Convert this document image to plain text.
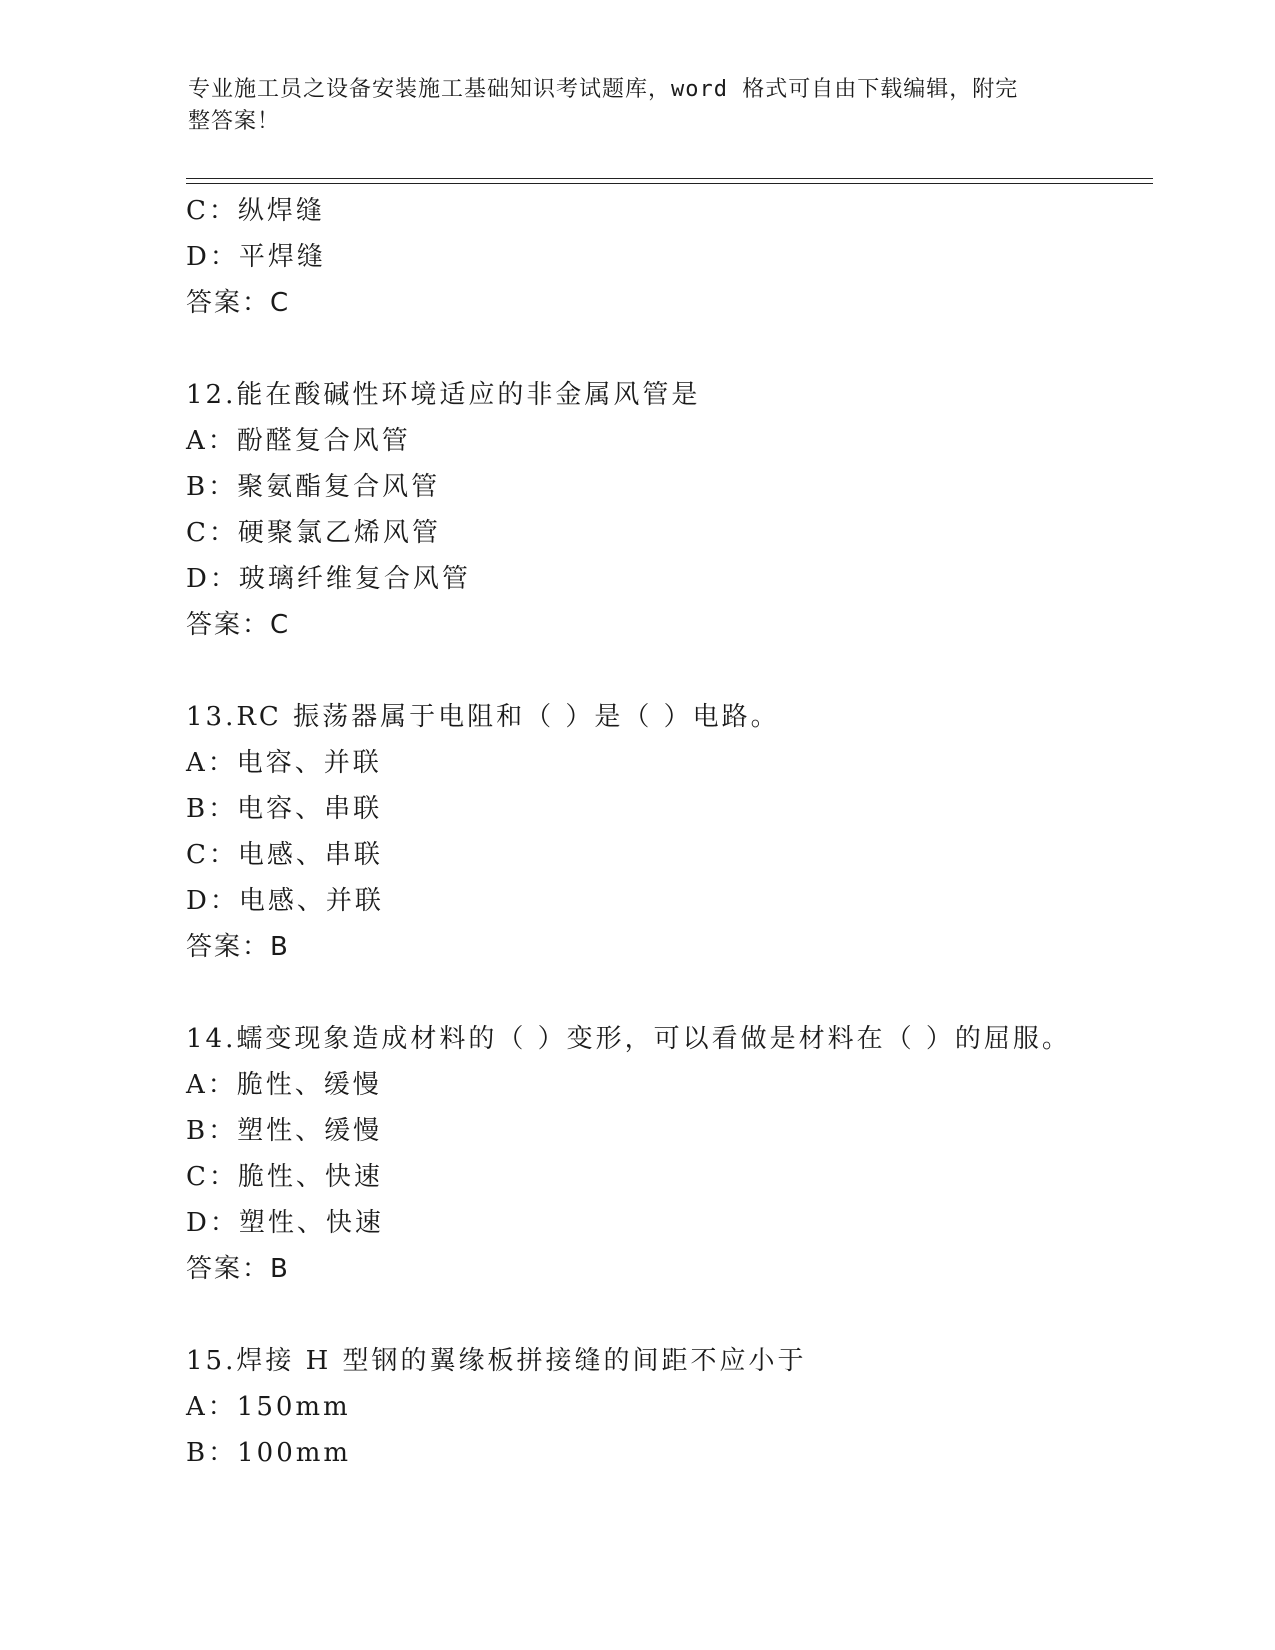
专业施工员之设备安装施工基础知识考试题库，word 格式可自由下载编辑，附完
整答案！
C：纵焊缝
D：平焊缝
答案：C
12.能在酸碱性环境适应的非金属风管是
A：酚醛复合风管
B：聚氨酯复合风管
C：硬聚氯乙烯风管
D：玻璃纤维复合风管
答案：C
13.RC 振荡器属于电阻和（ ）是（ ）电路。
A：电容、并联
B：电容、串联
C：电感、串联
D：电感、并联
答案：B
14.蠕变现象造成材料的（ ）变形，可以看做是材料在（ ）的屈服。
A：脆性、缓慢
B：塑性、缓慢
C：脆性、快速
D：塑性、快速
答案：B
15.焊接 H 型钢的翼缘板拼接缝的间距不应小于
A：150mm
B：100mm
